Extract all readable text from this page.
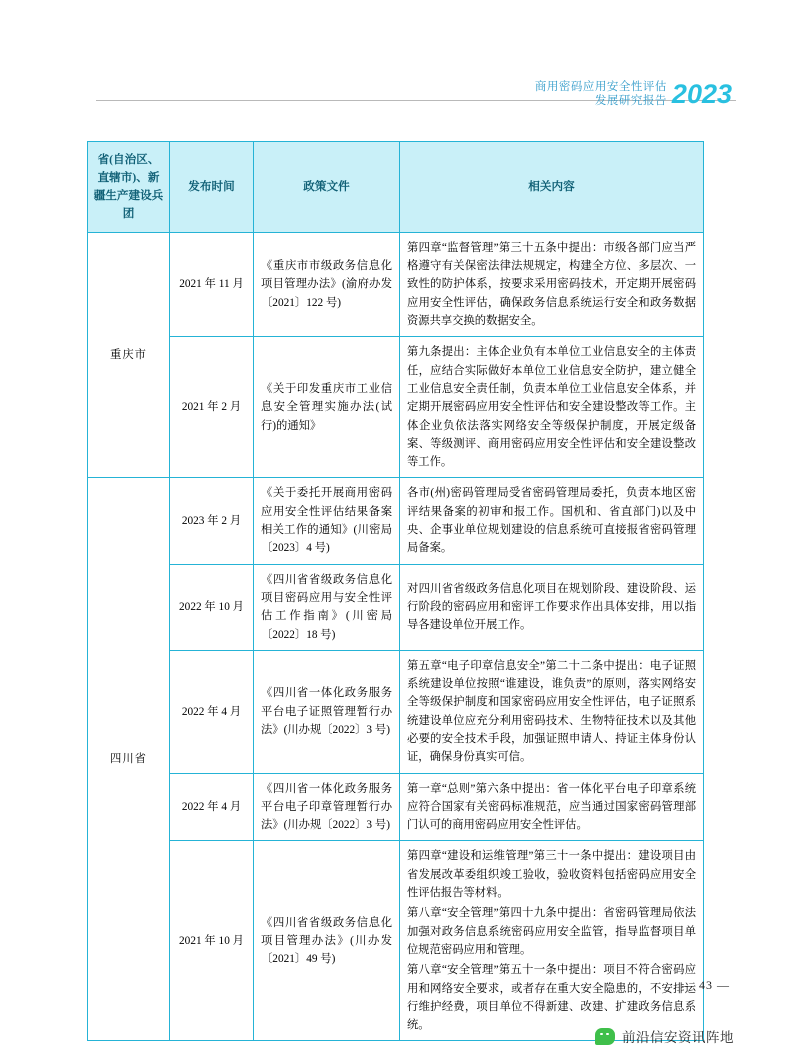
商用密码应用安全性评估
发展研究报告 2023
省(自治区、直辖市)、新疆生产建设兵团	发布时间	政策文件	相关内容
重庆市	2021 年 11 月	《重庆市市级政务信息化项目管理办法》(渝府办发〔2021〕122 号)	第四章“监督管理”第三十五条中提出：市级各部门应当严格遵守有关保密法律法规规定，构建全方位、多层次、一致性的防护体系，按要求采用密码技术，开定期开展密码应用安全性评估，确保政务信息系统运行安全和政务数据资源共享交换的数据安全。

	2021 年 2 月	《关于印发重庆市工业信息安全管理实施办法(试行)的通知》	第九条提出：主体企业负有本单位工业信息安全的主体责任，应结合实际做好本单位工业信息安全防护，建立健全工业信息安全责任制，负责本单位工业信息安全体系，并定期开展密码应用安全性评估和安全建设整改等工作。主体企业负依法落实网络安全等级保护制度，开展定级备案、等级测评、商用密码应用安全性评估和安全建设整改等工作。

四川省	2023 年 2 月	《关于委托开展商用密码应用安全性评估结果备案相关工作的通知》(川密局〔2023〕4 号)	各市(州)密码管理局受省密码管理局委托，负责本地区密评结果备案的初审和报工作。国机和、省直部门)以及中央、企事业单位规划建设的信息系统可直接报省密码管理局备案。

	2022 年 10 月	《四川省省级政务信息化项目密码应用与安全性评估工作指南》(川密局〔2022〕18 号)	对四川省省级政务信息化项目在规划阶段、建设阶段、运行阶段的密码应用和密评工作要求作出具体安排，用以指导各建设单位开展工作。

	2022 年 4 月	《四川省一体化政务服务平台电子证照管理暂行办法》(川办规〔2022〕3 号)	第五章“电子印章信息安全”第二十二条中提出：电子证照系统建设单位按照“谁建设，谁负责”的原则，落实网络安全等级保护制度和国家密码应用安全性评估，电子证照系统建设单位应充分利用密码技术、生物特征技术以及其他必要的安全技术手段，加强证照申请人、持证主体身份认证，确保身份真实可信。

	2022 年 4 月	《四川省一体化政务服务平台电子印章管理暂行办法》(川办规〔2022〕3 号)	第一章“总则”第六条中提出：省一体化平台电子印章系统应符合国家有关密码标准规范，应当通过国家密码管理部门认可的商用密码应用安全性评估。

	2021 年 10 月	《四川省省级政务信息化项目管理办法》(川办发〔2021〕49 号)	第四章“建设和运维管理”第三十一条中提出：建设项目由省发展改革委组织竣工验收，验收资料包括密码应用安全性评估报告等材料。

第八章“安全管理”第四十九条中提出：省密码管理局依法加强对政务信息系统密码应用安全监管，指导监督项目单位规范密码应用和管理。

第八章“安全管理”第五十一条中提出：项目不符合密码应用和网络安全要求，或者存在重大安全隐患的，不安排运行维护经费，项目单位不得新建、改建、扩建政务信息系统。

— 43 —
前沿信安资讯阵地
